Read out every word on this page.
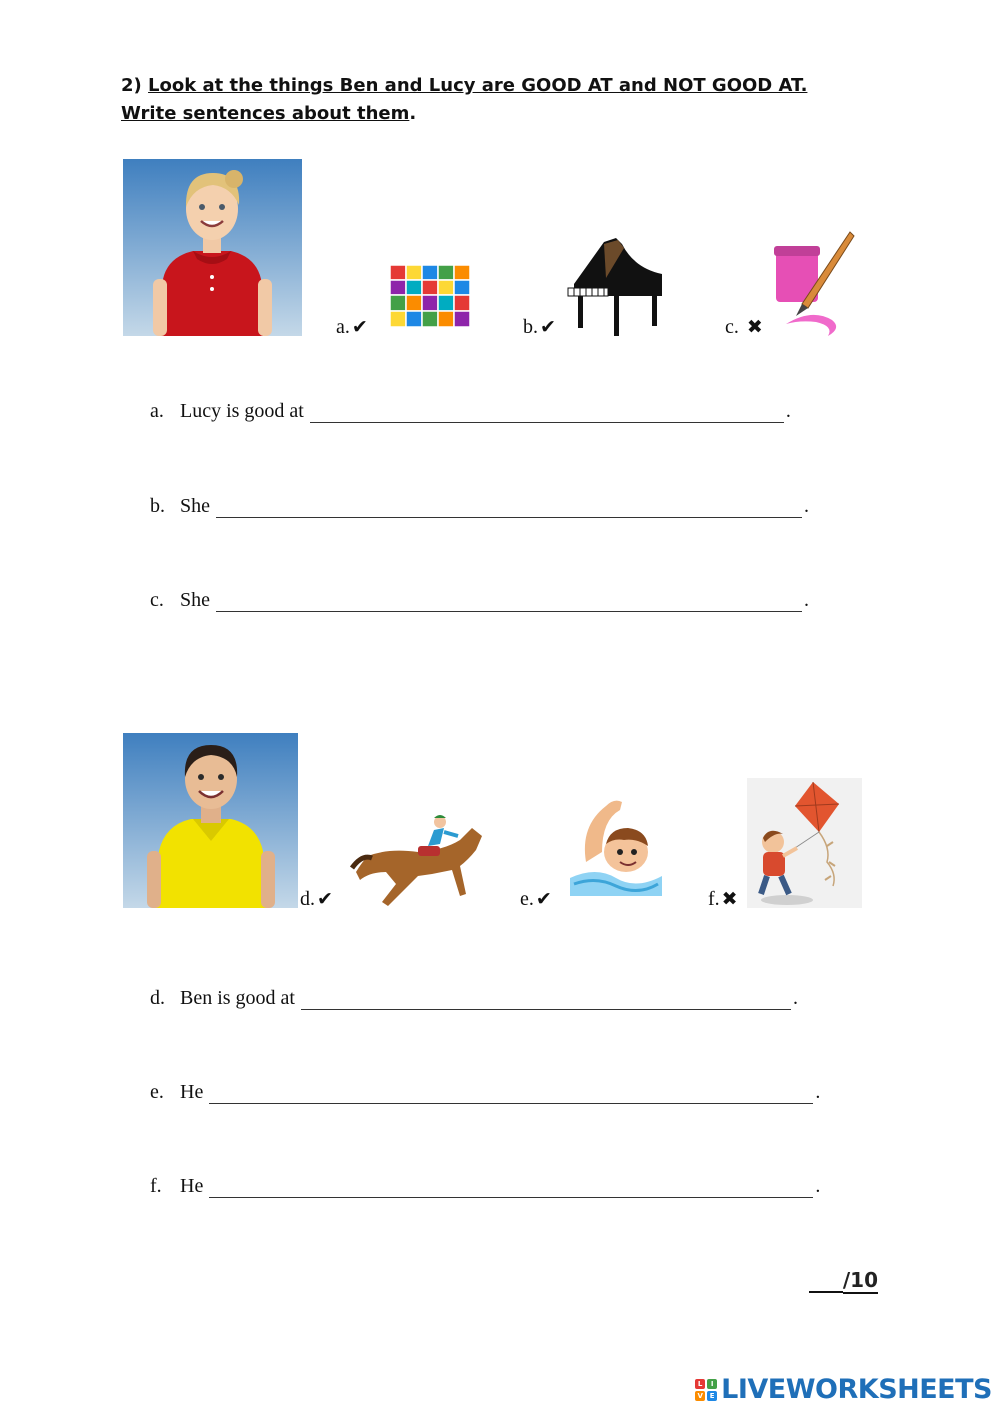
2) Look at the things Ben and Lucy are GOOD AT and NOT GOOD AT.
Write sentences about them.
a. ✔	b. ✔	c. ✖
a. Lucy is good at	.
b. She	.
c. She	.
d. ✔	e. ✔	f. ✖
d. Ben is good at	.
e. He	.
f. He	.
/10
L	I
V E LIVEWORKSHEETS
